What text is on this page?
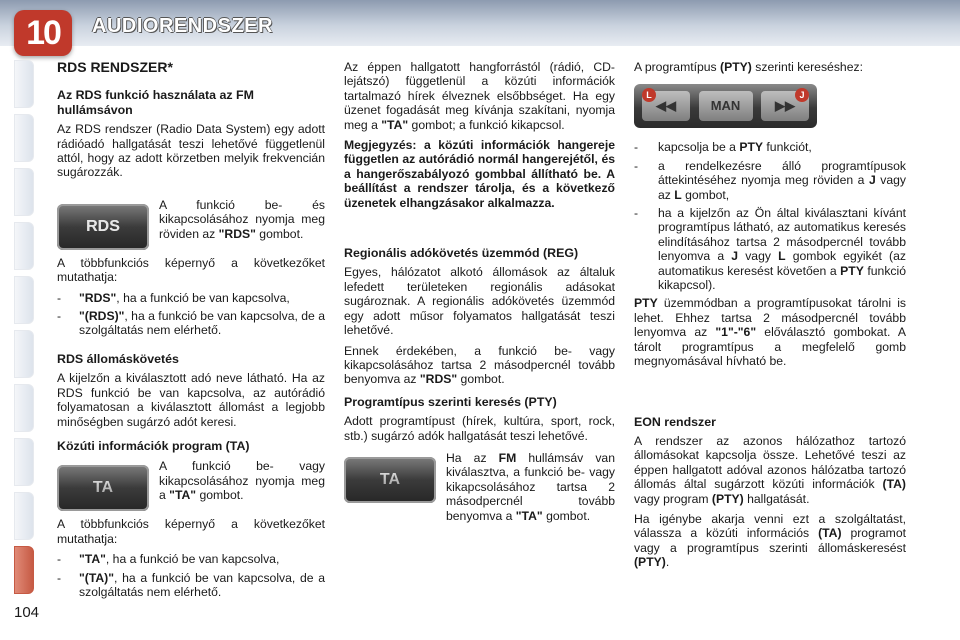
10 AUDIORENDSZER
RDS RENDSZER*
Az RDS funkció használata az FM hullámsávon

Az RDS rendszer (Radio Data System) egy adott rádióadó hallgatását teszi lehetővé függetlenül attól, hogy az adott körzetben melyik frekvencián sugározzák.

RDS
A funkció be- és kikapcsolásához nyomja meg röviden az "RDS" gombot.

A többfunkciós képernyő a következőket mutathatja:

-	"RDS", ha a funkció be van kapcsolva,
-	"(RDS)", ha a funkció be van kapcsolva, de a szolgáltatás nem elérhető.
RDS állomáskövetés

A kijelzőn a kiválasztott adó neve látható. Ha az RDS funkció be van kapcsolva, az autórádió folyamatosan a kiválasztott állomást a legjobb minőségben sugárzó adót keresi.

Közúti információk program (TA)
TA
A funkció be- vagy kikapcsolásához nyomja meg a "TA" gombot.

A többfunkciós képernyő a következőket mutathatja:

-	"TA", ha a funkció be van kapcsolva,
-	"(TA)", ha a funkció be van kapcsolva, de a szolgáltatás nem elérhető.

Az éppen hallgatott hangforrástól (rádió, CD-lejátszó) függetlenül a közúti információk tartalmazó hírek élveznek elsőbbséget. Ha egy üzenet fogadását meg kívánja szakítani, nyomja meg a "TA" gombot; a funkció kikapcsol.

Megjegyzés: a közúti információk hangereje független az autórádió normál hangerejétől, és a hangerőszabályozó gombbal állítható be. A beállítást a rendszer tárolja, és a következő üzenetek elhangzásakor alkalmazza.

Regionális adókövetés üzemmód (REG)

Egyes, hálózatot alkotó állomások az általuk lefedett területeken regionális adásokat sugároznak. A regionális adókövetés üzemmód egy adott műsor folyamatos hallgatását teszi lehetővé.

Ennek érdekében, a funkció be- vagy kikapcsolásához tartsa 2 másodpercnél tovább benyomva az "RDS" gombot.

Programtípus szerinti keresés (PTY)

Adott programtípust (hírek, kultúra, sport, rock, stb.) sugárzó adók hallgatását teszi lehetővé.

TA
Ha az FM hullámsáv van kiválasztva, a funkció be- vagy kikapcsolásához tartsa 2 másodpercnél tovább benyomva a "TA" gombot.

A programtípus (PTY) szerinti kereséshez:

L
◀◀	MAN	▶▶
J
-	kapcsolja be a PTY funkciót,
-	a rendelkezésre álló programtípusok áttekintéséhez nyomja meg röviden a J vagy az L gombot,
-	ha a kijelzőn az Ön által kiválasztani kívánt programtípus látható, az automatikus keresés elindításához tartsa 2 másodpercnél tovább lenyomva a J vagy L gombok egyikét (az automatikus keresést követően a PTY funkció kikapcsol).

PTY üzemmódban a programtípusokat tárolni is lehet. Ehhez tartsa 2 másodpercnél tovább lenyomva az "1"-"6" előválasztó gombokat. A tárolt programtípus a megfelelő gomb megnyomásával hívható be.

EON rendszer

A rendszer az azonos hálózathoz tartozó állomásokat kapcsolja össze. Lehetővé teszi az éppen hallgatott adóval azonos hálózatba tartozó állomás által sugárzott közúti információk (TA) vagy program (PTY) hallgatását.

Ha igénybe akarja venni ezt a szolgáltatást, válassza a közúti információs (TA) programot vagy a programtípus szerinti állomáskeresést (PTY).

104
